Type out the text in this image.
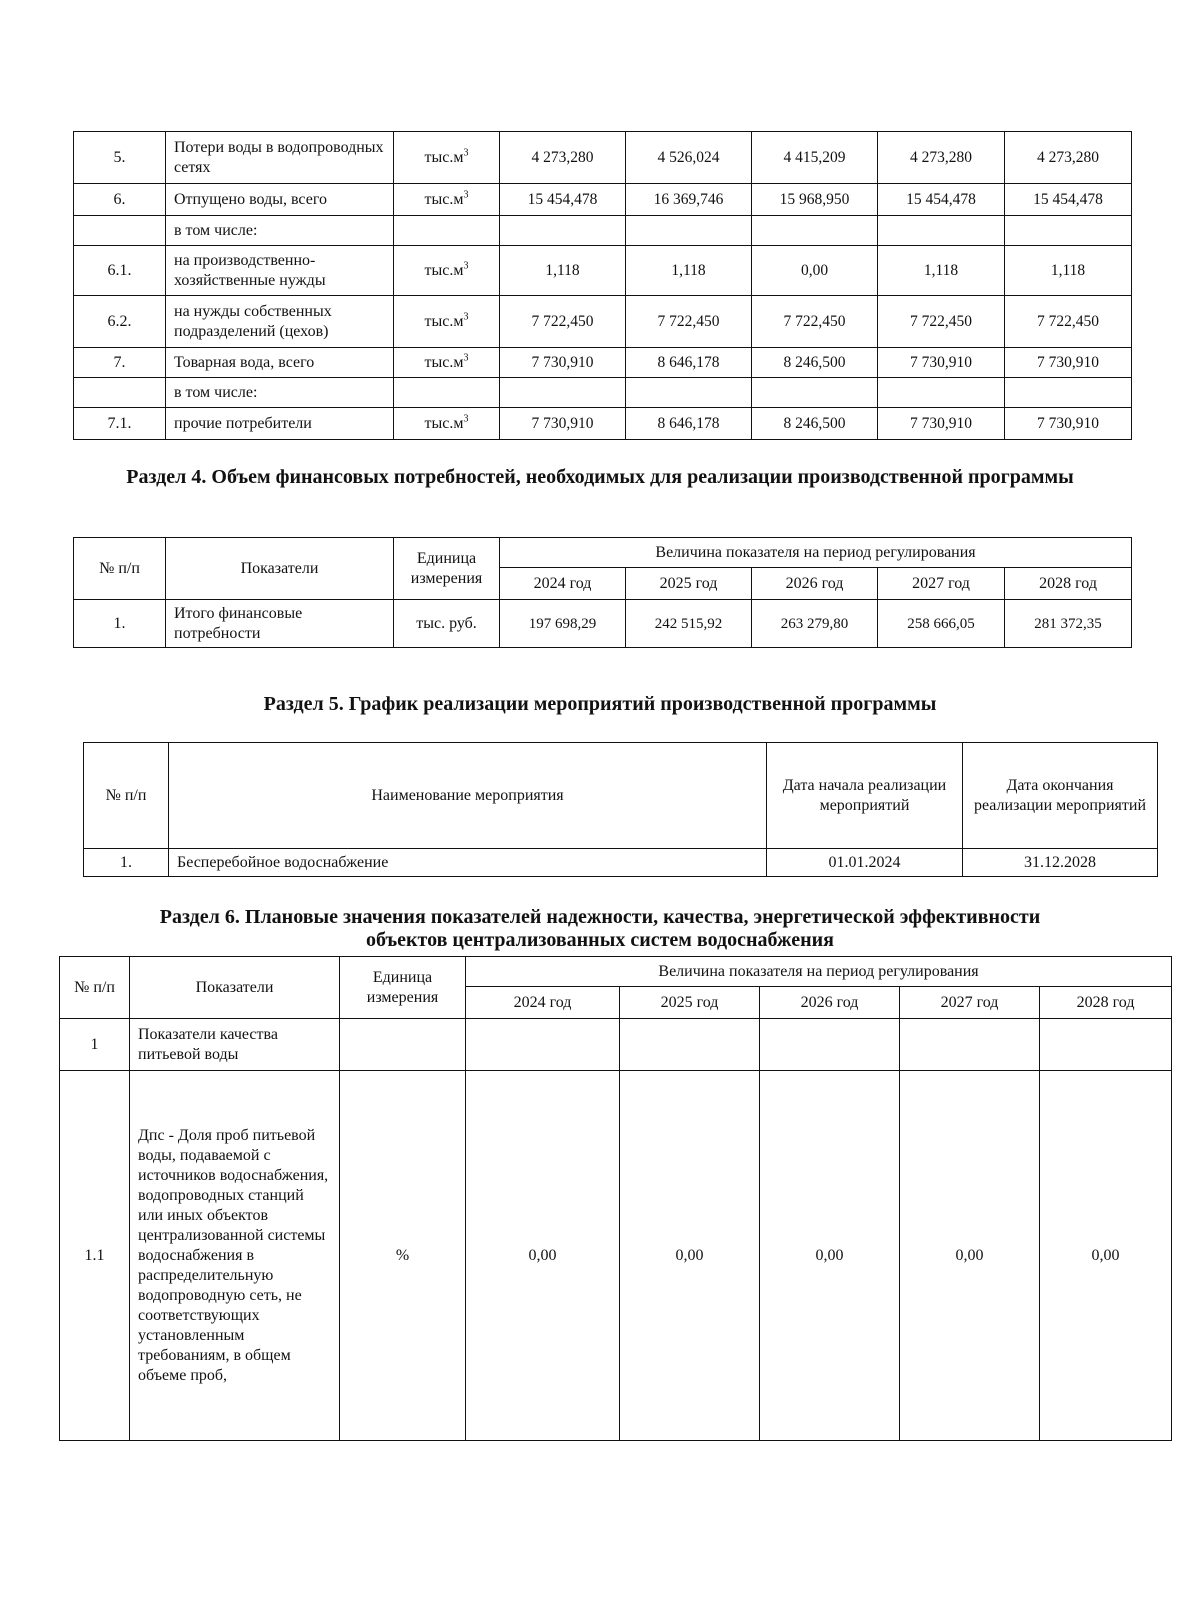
5.	Потери воды в водопроводных сетях	$тыс.м^3$	4 273,280	4 526,024	4 415,209	4 273,280	4 273,280
6.	Отпущено воды, всего	$тыс.м^3$	15 454,478	16 369,746	15 968,950	15 454,478	15 454,478
	в том числе:						
6.1.	на производственно-хозяйственные нужды	$тыс.м^3$	1,118	1,118	0,00	1,118	1,118
6.2.	на нужды собственных подразделений (цехов)	$тыс.м^3$	7 722,450	7 722,450	7 722,450	7 722,450	7 722,450
7.	Товарная вода, всего	$тыс.м^3$	7 730,910	8 646,178	8 246,500	7 730,910	7 730,910
	в том числе:						
7.1.	прочие потребители	$тыс.м^3$	7 730,910	8 646,178	8 246,500	7 730,910	7 730,910
Раздел 4. Объем финансовых потребностей, необходимых для реализации производственной программы
№ п/п	Показатели	Единица измерения	Величина показателя на период регулирования				
			2024 год	2025 год	2026 год	2027 год	2028 год
1.	Итого финансовые потребности	тыс. руб.	197 698,29	242 515,92	263 279,80	258 666,05	281 372,35
Раздел 5. График реализации мероприятий производственной программы
№ п/п	Наименование мероприятия	Дата начала реализации мероприятий	Дата окончания реализации мероприятий
1.	Бесперебойное водоснабжение	01.01.2024	31.12.2028
Раздел 6. Плановые значения показателей надежности, качества, энергетической эффективности
объектов централизованных систем водоснабжения
№ п/п	Показатели	Единица измерения	Величина показателя на период регулирования				
			2024 год	2025 год	2026 год	2027 год	2028 год
1	Показатели качества питьевой воды						
1.1	Дпс - Доля проб питьевой воды, подаваемой с источников водоснабжения, водопроводных станций или иных объектов централизованной системы водоснабжения в распределительную водопроводную сеть, не соответствующих установленным требованиям, в общем объеме проб,	%	0,00	0,00	0,00	0,00	0,00
